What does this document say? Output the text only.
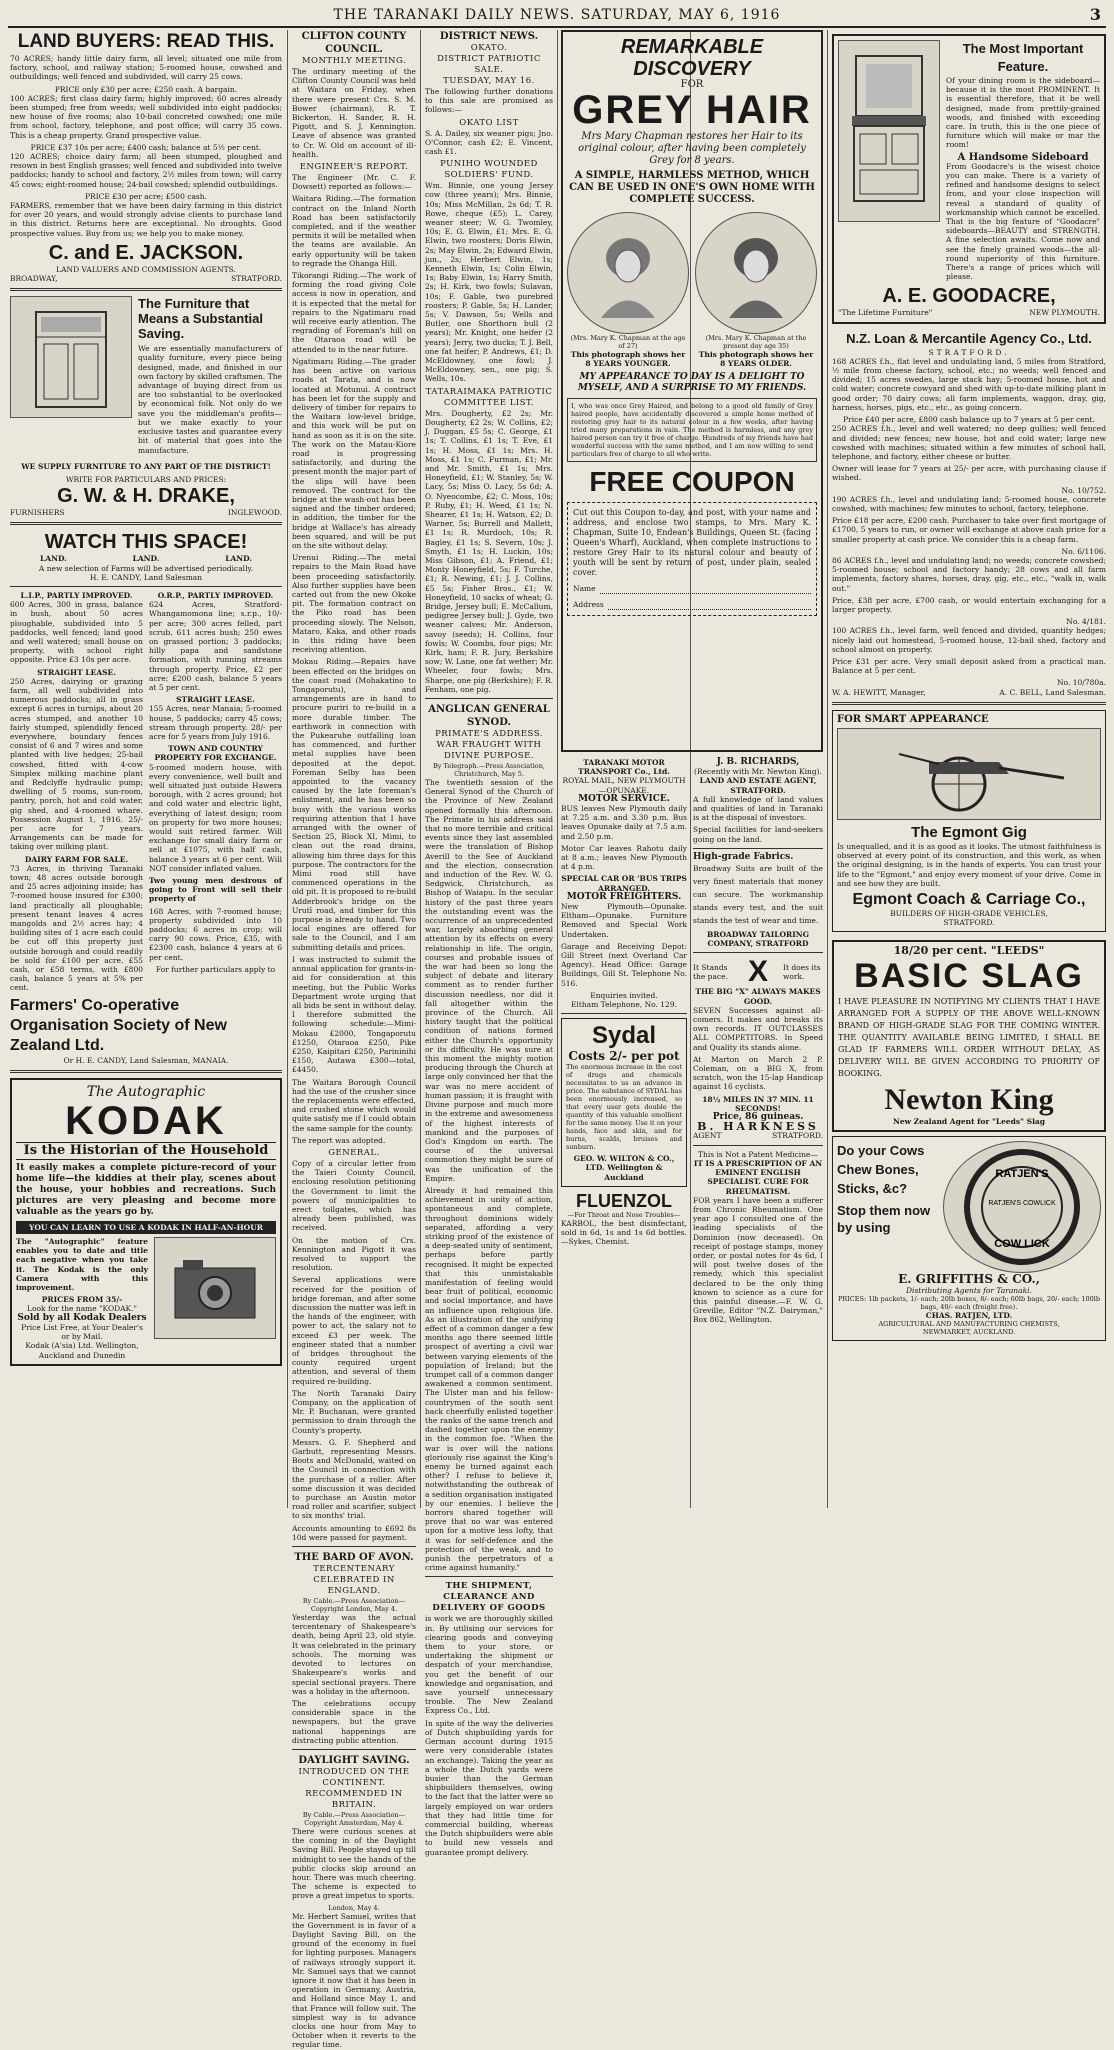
THE TARANAKI DAILY NEWS. SATURDAY, MAY 6, 1916	3
LAND BUYERS: READ THIS.

70 ACRES; handy little dairy farm, all level; situated one mile from factory, school, and railway station; 5-roomed house, cowshed and outbuildings; well fenced and subdivided, will carry 25 cows.

PRICE only £30 per acre; £250 cash. A bargain.

100 ACRES; first class dairy farm; highly improved; 60 acres already been stumped; free from weeds; well subdivided into eight paddocks; new house of five rooms; also 10-bail concreted cowshed; one mile from school, factory, telephone, and post office; will carry 35 cows. This is a cheap property. Grand prospective value.

PRICE £37 10s per acre; £400 cash; balance at 5½ per cent.

120 ACRES; choice dairy farm; all been stumped, ploughed and resown in best English grasses; well fenced and subdivided into twelve paddocks; handy to school and factory, 2½ miles from town; will carry 45 cows; eight-roomed house; 24-bail cowshed; splendid outbuildings.

PRICE £30 per acre; £500 cash.

FARMERS, remember that we have been dairy farming in this district for over 20 years, and would strongly advise clients to purchase land in this district. Returns here are exceptional. No droughts. Good prospective values. Buy from us; we help you to make money.

C. and E. JACKSON.

LAND VALUERS AND COMMISSION AGENTS.

BROADWAY,	STRATFORD.
The Furniture that Means a Substantial Saving.

We are essentially manufacturers of quality furniture, every piece being designed, made, and finished in our own factory by skilled craftsmen. The advantage of buying direct from us are too substantial to be overlooked by economical folk. Not only do we save you the middleman's profits—but we make exactly to your exclusive tastes and guarantee every bit of material that goes into the manufacture.

WE SUPPLY FURNITURE TO ANY PART OF THE DISTRICT!

WRITE FOR PARTICULARS AND PRICES:

G. W. & H. DRAKE,
FURNISHERS	INGLEWOOD.
WATCH THIS SPACE!
LAND.	LAND.	LAND.

A new selection of Farms will be advertised periodically.

H. E. CANDY, Land Salesman

L.I.P., PARTLY IMPROVED.

600 Acres, 300 in grass, balance in bush, about 50 acres ploughable, subdivided into 5 paddocks, well fenced; land good and well watered; small house on property, with school right opposite. Price £3 10s per acre.

STRAIGHT LEASE.

250 Acres, dairying or grazing farm, all well subdivided into numerous paddocks; all in grass except 6 acres in turnips, about 20 acres stumped, and another 10 fairly stumped, splendidly fenced everywhere, boundary fences consist of 6 and 7 wires and some planted with live hedges; 25-bail cowshed, fitted with 4-cow Simplex milking machine plant and Redclyffe hydraulic pump; dwelling of 5 rooms, sun-room, pantry, porch, hot and cold water, gig shed, and 4-roomed whare. Possession August 1, 1916. 25/- per acre for 7 years. Arrangements can be made for taking over milking plant.

DAIRY FARM FOR SALE.

73 Acres, in thriving Taranaki town; 48 acres outside borough and 25 acres adjoining inside; has 7-roomed house insured for £300; land practically all ploughable; present tenant leaves 4 acres mangolds and 2½ acres hay; 4 building sites of 1 acre each could be cut off this property just outside borough and could readily be sold for £100 per acre. £55 cash, or £58 terms, with £800 cash, balance 5 years at 5% per cent.

O.R.P., PARTLY IMPROVED.

624 Acres, Stratford-Whangamomona line; s.r.p., 10/- per acre; 300 acres felled, part scrub, 611 acres bush; 250 ewes on grassed portion; 3 paddocks; hilly papa and sandstone formation, with running streams through property. Price, £2 per acre; £200 cash, balance 5 years at 5 per cent.

STRAIGHT LEASE.

155 Acres, near Manaia; 5-roomed house, 5 paddocks; carry 45 cows; stream through property. 28/- per acre for 5 years from July 1916.

TOWN AND COUNTRY PROPERTY FOR EXCHANGE.

5-roomed modern house, with every convenience, well built and well situated just outside Hawera borough, with 2 acres ground; hot and cold water and electric light, everything of latest design; room on property for two more houses; would suit retired farmer. Will exchange for small dairy farm or sell at £1075, with half cash, balance 3 years at 6 per cent. Will NOT consider inflated values.

Two young men desirous of going to Front will sell their property of

168 Acres, with 7-roomed house; property subdivided into 10 paddocks; 6 acres in crop; will carry 90 cows. Price, £35, with £2300 cash, balance 4 years at 6 per cent.

For further particulars apply to

Farmers' Co-operative Organisation Society of New Zealand Ltd.

Or H. E. CANDY, Land Salesman, MANAIA.

The Autographic
KODAK
Is the Historian of the Household

It easily makes a complete picture-record of your home life—the kiddies at their play, scenes about the house, your hobbies and recreations. Such pictures are very pleasing and become more valuable as the years go by.

YOU CAN LEARN TO USE A KODAK IN HALF-AN-HOUR

The "Autographic" feature enables you to date and title each negative when you take it. The Kodak is the only Camera with this improvement.

PRICES FROM 35/-

Look for the name "KODAK."

Sold by all Kodak Dealers

Price List Free, at Your Dealer's or by Mail.

Kodak (A'sia) Ltd. Wellington, Auckland and Dunedin

CLIFTON COUNTY COUNCIL.

MONTHLY MEETING.

The ordinary meeting of the Clifton County Council was held at Waitara on Friday, when there were present Crs. S. M. Bower (chairman), R. T. Bickerton, H. Sander, R. H. Pigott, and S. J. Kennington. Leave of absence was granted to Cr. W. Old on account of ill-health.

ENGINEER'S REPORT.

The Engineer (Mr. C. F. Dowsett) reported as follows:—

Waitara Riding.—The formation contract on the Inland North Road has been satisfactorily completed, and if the weather permits it will be metalled when the teams are available. An early opportunity will be taken to regrade the Ohanga Hill.

Tikorangi Riding.—The work of forming the road giving Cole access is now in operation, and it is expected that the metal for repairs to the Ngatimaru road will receive early attention. The regrading of Foreman's hill on the Otaraoa road will be attended to in the near future.

Ngatimaru Riding.—The grader has been active on various roads at Tarata, and is now located at Motunui. A contract has been let for the supply and delivery of timber for repairs to the Waitara low-level bridge, and this work will be put on hand as soon as it is on the site. The work on the Matau-Kiore road is progressing satisfactorily, and during the present month the major part of the slips will have been removed. The contract for the bridge at the wash-out has been signed and the timber ordered; in addition, the timber for the bridge at Wallace's has already been squared, and will be put on the site without delay.

Urenui Riding.—The metal repairs to the Main Road have been proceeding satisfactorily. Also further supplies have been carted out from the new Okoke pit. The formation contract on the Piko road has been proceeding slowly. The Nelson, Mataro, Kaka, and other roads in this riding have been receiving attention.

Mokau Riding.—Repairs have been effected on the bridges on the coast road (Mohakatino to Tongaporutu), and arrangements are in hand to procure puriri to re-build in a more durable timber. The earthwork in connection with the Pukearuhe outfalling loan has commenced, and further metal supplies have been deposited at the depot. Foreman Selby has been appointed to the vacancy caused by the late foreman's enlistment, and he has been so busy with the various works requiring attention that I have arranged with the owner of Section 25, Block XI, Mimi, to clean out the road drains, allowing him three days for this purpose. The contractors for the Mimi road still have commenced operations in the old pit. It is proposed to re-build Adderbrook's bridge on the Urutī road, and timber for this purpose is already to hand. Two local engines are offered for sale to the Council, and I am submitting details and prices.

I was instructed to submit the annual application for grants-in-aid for consideration at this meeting, but the Public Works Department wrote urging that all bids be sent in without delay. I therefore submitted the following schedule:—Mimi-Mokau £2000, Tongaporutu £1250, Otaraoa £250, Pike £250, Kaipitari £250, Parininihi £150, Autawa £300—total, £4450.

The Waitara Borough Council had the use of the crusher since the replacements were effected, and crushed stone which would quite satisfy me if I could obtain the same sample for the county.

The report was adopted.

GENERAL.

Copy of a circular letter from the Taieri County Council, enclosing resolution petitioning the Government to limit the powers of municipalities to erect tollgates, which has already been published, was received.

On the motion of Crs. Kennington and Pigott it was resolved to support the resolution.

Several applications were received for the position of bridge foreman, and after some discussion the matter was left in the hands of the engineer, with power to act, the salary not to exceed £3 per week. The engineer stated that a number of bridges throughout the county required urgent attention, and several of them required re-building.

The North Taranaki Dairy Company, on the application of Mr. P. Buchanan, were granted permission to drain through the County's property.

Messrs. G. F. Shepherd and Garbutt, representing Messrs. Boots and McDonald, waited on the Council in connection with the purchase of a roller. After some discussion it was decided to purchase an Austin motor road roller and scarifier, subject to six months' trial.

Accounts amounting to £692 8s 10d were passed for payment.

THE BARD OF AVON.

TERCENTENARY CELEBRATED IN ENGLAND.

By Cable.—Press Association—Copyright London, May 4.

Yesterday was the actual tercentenary of Shakespeare's death, being April 23, old style. It was celebrated in the primary schools. The morning was devoted to lectures on Shakespeare's works and special sectional prayers. There was a holiday in the afternoon.

The celebrations occupy considerable space in the newspapers, but the grave national happenings are distracting public attention.

DAYLIGHT SAVING.

INTRODUCED ON THE CONTINENT.

RECOMMENDED IN BRITAIN.

By Cable.—Press Association—Copyright Amsterdam, May 4.

There were curious scenes at the coming in of the Daylight Saving Bill. People stayed up till midnight to see the hands of the public clocks skip around an hour. There was much cheering. The scheme is expected to prove a great impetus to sports.

London, May 4.

Mr. Herbert Samuel, writes that the Government is in favor of a Daylight Saving Bill, on the ground of the economy in fuel for lighting purposes. Managers of railways strongly support it. Mr. Samuel says that we cannot ignore it now that it has been in operation in Germany, Austria, and Holland since May 1, and that France will follow suit. The simplest way is to advance clocks one hour from May to October when it reverts to the regular time.

DISTRICT NEWS.

OKATO.

DISTRICT PATRIOTIC SALE.

TUESDAY, MAY 16.

The following further donations to this sale are promised as follows:—

OKATO LIST

S. A. Dailey, six weaner pigs; Jno. O'Connor, cash £2; E. Vincent, cash £1.

PUNIHO WOUNDED SOLDIERS' FUND.

Wm. Binnie, one young Jersey cow (three years); Mrs. Binnie, 10s; Miss McMillan, 2s 6d; T. R. Rowe, cheque (£5); L. Carey, weaner steer; W. G. Twomley, 10s; E. G. Elwin, £1; Mrs. E. G. Elwin, two roosters; Doris Elwin, 2s; May Elwin, 2s; Edward Elwin, jun., 2s; Herbert Elwin, 1s; Kenneth Elwin, 1s; Colin Elwin, 1s; Baby Elwin, 1s; Harry Smith, 2s; H. Kirk, two fowls; Sulavan, 10s; F. Gable, two purebred roosters; P. Gable, 5s; H. Lander, 5s; V. Dawson, 5s; Wells and Butler, one Shorthorn bull (2 years); Mr. Knight, one heifer (2 years); Jerry, two ducks; T. J. Bell, one fat heifer; P. Andrews, £1; D. McEldowney, one fowl; J. McEldowney, sen., one pig; S. Wells, 10s.

TATARAIMAKA PATRIOTIC COMMITTEE LIST.

Mrs. Dougherty, £2 2s; Mr. Dougherty, £2 2s; W. Collins, £2; J. Duggan, £5 5s; C. George, £1 1s; T. Collins, £1 1s; T. Eve, £1 1s; H. Moss, £1 1s; Mrs. H. Moss, £1 1s; C. Furman, £1; Mr. and Mr. Smith, £1 1s; Mrs. Honeyfield, £1; W. Stanley, 5s; W. Lacy, 5s; Miss O. Lacy, 5s 6d; A. O. Nyeocombe, £2; C. Moss, 10s; P. Ruby, £1; H. Weed, £1 1s; N. Shearer, £1 1s; H. Watson, £2; D. Warner, 5s; Burrell and Mallett, £1 1s; R. Murdoch, 10s; R. Bagley, £1 1s; S. Severn, 10s; J. Smyth, £1 1s; H. Luckin, 10s; Miss Gibson, £1; A. Friend, £1; Monty Honeyfield, 5s; F. Turche, £1; R. Newing, £1; J. J. Collins, £5 5s; Fisher Bros., £1; W. Honeyfield, 10 sacks of wheat; G. Bridge, Jersey bull; E. McCallum, pedigree Jersey bull; J. Gyde, two weaner calves; Mr. Anderson, savoy (seeds); H. Collins, four fowls; W. Coombs, four pigs; Mr. Kirk, ham; F. R. Jury, Berkshire sow; W. Lane, one fat wether; Mr. Wheeler, four fowls; Mrs. Sharpe, one pig (Berkshire); F. R. Fenham, one pig.

ANGLICAN GENERAL SYNOD.

PRIMATE'S ADDRESS.

WAR FRAUGHT WITH DIVINE PURPOSE.

By Telegraph.—Press Association, Christchurch, May 5.

The twentieth session of the General Synod of the Church of the Province of New Zealand opened formally this afternoon. The Primate in his address said that no more terrible and critical events since they last assembled were the translation of Bishop Averill to the See of Auckland and the election, consecration and induction of the Rev. W. G. Sedgwick, Christchurch, as Bishop of Waiapu. In the secular history of the past three years the outstanding event was the occurrence of an unprecedented war, largely absorbing general attention by its effects on every relationship in life. The origin, courses and probable issues of the war had been so long the subject of debate and literary comment as to render further discussion needless, nor did it fall altogether within the province of the Church. All history taught that the political condition of nations formed either the Church's opportunity or its difficulty. He was sure at this moment the mighty motion producing through the Church at large only convinced her that the war was no mere accident of human passion; it is fraught with Divine purpose and much more in the extreme and awesomeness of the highest interests of mankind and the purposes of God's Kingdom on earth. The course of the universal commotion they might be sure of was the unification of the Empire.

Already it had remained this achievement in unity of action, spontaneous and complete, throughout dominions widely separated, affording a very striking proof of the existence of a deep-seated unity of sentiment, perhaps before partly recognised. It might be expected that this unmistakable manifestation of feeling would bear fruit of political, economic and social importance, and have an influence upon religious life. As an illustration of the unifying effect of a common danger a few months ago there seemed little prospect of averting a civil war between varying elements of the population of Ireland; but the trumpet call of a common danger awakened a common sentiment. The Ulster man and his fellow-countrymen of the south sent back cheerfully enlisted together the ranks of the same trench and dashed together upon the enemy in the common foe. "When the war is over will the nations gloriously rise against the King's enemy be turned against each other? I refuse to believe it, notwithstanding the outbreak of a sedition organisation instigated by our enemies. I believe the horrors shared together will prove that no war was entered upon for a motive less lofty, that it was for self-defence and the protection of the weak, and to punish the perpetrators of a crime against humanity."

THE SHIPMENT, CLEARANCE AND DELIVERY OF GOODS

is work we are thoroughly skilled in. By utilising our services for clearing goods and conveying them to your store, or undertaking the shipment or despatch of your merchandise, you get the benefit of our knowledge and organisation, and save yourself unnecessary trouble. The New Zealand Express Co., Ltd.

In spite of the way the deliveries of Dutch shipbuilding yards for German account during 1915 were very considerable (states an exchange). Taking the year as a whole the Dutch yards were busier than the German shipbuilders themselves, owing to the fact that the latter were so largely employed on war orders that they had little time for commercial building, whereas the Dutch shipbuilders were able to build new vessels and guarantee prompt delivery.

REMARKABLE DISCOVERY
FOR
GREY HAIR

Mrs Mary Chapman restores her Hair to its original colour, after having been completely Grey for 8 years.

A SIMPLE, HARMLESS METHOD, WHICH CAN BE USED IN ONE'S OWN HOME WITH COMPLETE SUCCESS.

(Mrs. Mary K. Chapman at the age of 27)

This photograph shows her 8 YEARS YOUNGER.

(Mrs. Mary K. Chapman at the present day age 35)

This photograph shows her 8 YEARS OLDER.

MY APPEARANCE TO DAY IS A DELIGHT TO MYSELF, AND A SURPRISE TO MY FRIENDS.

I, who was once Grey Haired, and belong to a good old family of Grey haired people, have accidentally discovered a simple home method of restoring grey hair to its natural colour in a few weeks, after having tried many preparations in vain. The method is harmless, and any grey haired person can try it free of charge. Hundreds of my friends have had wonderful success with the same method, and I am now willing to send particulars free of charge to all who write.

FREE COUPON

Cut out this Coupon to-day, and post, with your name and address, and enclose two stamps, to Mrs. Mary K. Chapman, Suite 10, Endean's Buildings, Queen St. (facing Queen's Wharf), Auckland, when complete instructions to restore Grey Hair to its natural colour and beauty of youth will be sent by return of post, under plain, sealed cover.

Name
Address

TARANAKI MOTOR TRANSPORT Co., Ltd.

ROYAL MAIL, NEW PLYMOUTH—OPUNAKE.

MOTOR SERVICE.

BUS leaves New Plymouth daily at 7.25 a.m. and 3.30 p.m. Bus leaves Opunake daily at 7.5 a.m. and 2.50 p.m.

Motor Car leaves Rahotu daily at 8 a.m.; leaves New Plymouth at 4 p.m.

SPECIAL CAR OR 'BUS TRIPS ARRANGED.

MOTOR FREIGHTERS.

New Plymouth—Opunake. Eltham—Opunake. Furniture Removed and Special Work Undertaken.

Garage and Receiving Depot: Gill Street (next Overland Car Agency). Head Office: Garage Buildings, Gill St. Telephone No. 516.

Enquiries invited.

Eltham Telephone, No. 129.

Sydal
Costs 2/- per pot

The enormous increase in the cost of drugs and chemicals necessitates to us an advance in price. The substance of SYDAL has been enormously increased, so that every user gets double the quantity of this valuable emollient for the same money. Use it on your hands, face and skin, and for burns, scalds, bruises and sunburn.

GEO. W. WILTON & CO., LTD. Wellington & Auckland

FLUENZOL

—For Throat and Nose Troubles—

KARBOL, the best disinfectant, sold in 6d, 1s and 1s 6d bottles.—Sykes, Chemist.

J. B. RICHARDS,

(Recently with Mr. Newton King).

LAND AND ESTATE AGENT,

STRATFORD.

A full knowledge of land values and qualities of land in Taranaki is at the disposal of investors.

Special facilities for land-seekers going on the land.

High-grade Fabrics.

Broadway Suits are built of the very finest materials that money can secure. The workmanship stands every test, and the suit stands the test of wear and time.

BROADWAY TAILORING COMPANY, STRATFORD

It Stands the pace. X It does its work.

THE BIG "X" ALWAYS MAKES GOOD.

SEVEN Successes against all-comers. It makes and breaks its own records. IT OUTCLASSES ALL COMPETITORS. In Speed and Quality its stands alone.

At Marton on March 2 P. Coleman, on a BIG X, from scratch, won the 15-lap Handicap against 16 cyclists.

18½ MILES IN 37 MIN. 11 SECONDS!

Price, 86 guineas.

B. HARKNESS

AGENT	STRATFORD.

This is Not a Patent Medicine—

IT IS A PRESCRIPTION OF AN EMINENT ENGLISH SPECIALIST. CURE FOR RHEUMATISM.

FOR years I have been a sufferer from Chronic Rheumatism. One year ago I consulted one of the leading specialists of the Dominion (now deceased). On receipt of postage stamps, money order, or postal notes for 4s 6d, I will post twelve doses of the remedy, which this specialist declared to be the only thing known to science as a cure for this painful disease.—F. W. G. Greville, Editor "N.Z. Dairyman," Box 862, Wellington.

The Most Important Feature.

Of your dining room is the sideboard—because it is the most PROMINENT. It is essential therefore, that it be well designed, made from prettily-grained woods, and finished with exceeding care. In truth, this is the one piece of furniture which will make or mar the room!

A Handsome Sideboard

From Goodacre's is the wisest choice you can make. There is a variety of refined and handsome designs to select from, and your close inspection will reveal a standard of quality of workmanship which cannot be excelled. That is the big feature of "Goodacre" sideboards—BEAUTY and STRENGTH. A fine selection awaits. Come now and see the finely grained woods—the all-round superiority of this furniture. There's a range of prices which will please.

A. E. GOODACRE,
"The Lifetime Furniture"	NEW PLYMOUTH.
N.Z. Loan & Mercantile Agency Co., Ltd.

STRATFORD.

168 ACRES f.h., flat level and undulating land, 5 miles from Stratford, ½ mile from cheese factory, school, etc.; no weeds; well fenced and divided; 15 acres swedes, large stack hay; 5-roomed house, hot and cold water; concrete cowyard and shed with up-to-date milking plant in good order; 70 dairy cows; all farm implements, waggon, dray, gig, harness, horses, pigs, etc., etc., as going concern.

Price £40 per acre, £800 cash balance up to 7 years at 5 per cent.

250 ACRES f.h., level and well watered; no deep gullies; well fenced and divided; new fences; new house, hot and cold water; large new cowshed with machines; situated within a few minutes of school hall, telephone, and factory, either cheese or butter.

Owner will lease for 7 years at 25/- per acre, with purchasing clause if wished.

No. 10/752.

190 ACRES f.h., level and undulating land; 5-roomed house, concrete cowshed, with machines; few minutes to school, factory, telephone.

Price £18 per acre, £200 cash. Purchaser to take over first mortgage of £1700, 5 years to run, or owner will exchange at above cash price for a smaller property at cash price. We consider this is a cheap farm.

No. 6/1106.

86 ACRES f.h., level and undulating land; no weeds; concrete cowshed; 5-roomed house; school and factory handy; 28 cows and all farm implements, factory shares, horses, dray, gig, etc., etc., "walk in, walk out."

Price, £38 per acre, £700 cash, or would entertain exchanging for a larger property.

No. 4/181.

100 ACRES f.h., level farm, well fenced and divided, quantity hedges; nicely laid out homestead, 5-roomed house, 12-bail shed, factory and school almost on property.

Price £31 per acre. Very small deposit asked from a practical man. Balance at 5 per cent.

No. 10/780a.

W. A. HEWITT, Manager,	A. C. BELL, Land Salesman.

FOR SMART APPEARANCE

The Egmont Gig

Is unequalled, and it is as good as it looks. The utmost faithfulness is observed at every point of its construction, and this work, as when the original designing, is in the hands of experts. You can trust your life to the "Egmont," and enjoy every moment of your drive. Come in and see how they are built.

Egmont Coach & Carriage Co.,

BUILDERS OF HIGH-GRADE VEHICLES,

STRATFORD.

18/20 per cent. "LEEDS"

BASIC SLAG

I HAVE PLEASURE IN NOTIFYING MY CLIENTS THAT I HAVE ARRANGED FOR A SUPPLY OF THE ABOVE WELL-KNOWN BRAND OF HIGH-GRADE SLAG FOR THE COMING WINTER. THE QUANTITY AVAILABLE BEING LIMITED, I SHALL BE GLAD IF FARMERS WILL ORDER WITHOUT DELAY, AS DELIVERY WILL BE GIVEN ACCORDING TO PRIORITY OF BOOKING.

Newton King

New Zealand Agent for "Leeds" Slag

Do your Cows Chew Bones, Sticks, &c?

Stop them now by using

RATJEN'S
RATJEN'S COWLICK
COW LICK
E. GRIFFITHS & CO.,

Distributing Agents for Taranaki.

PRICES: 1lb packets, 1/- each; 20lb boxes, 8/- each; 60lb bags, 20/- each; 100lb bags, 40/- each (freight free).

CHAS. RATJEN, LTD.

AGRICULTURAL AND MANUFACTURING CHEMISTS,

NEWMARKET, AUCKLAND.
